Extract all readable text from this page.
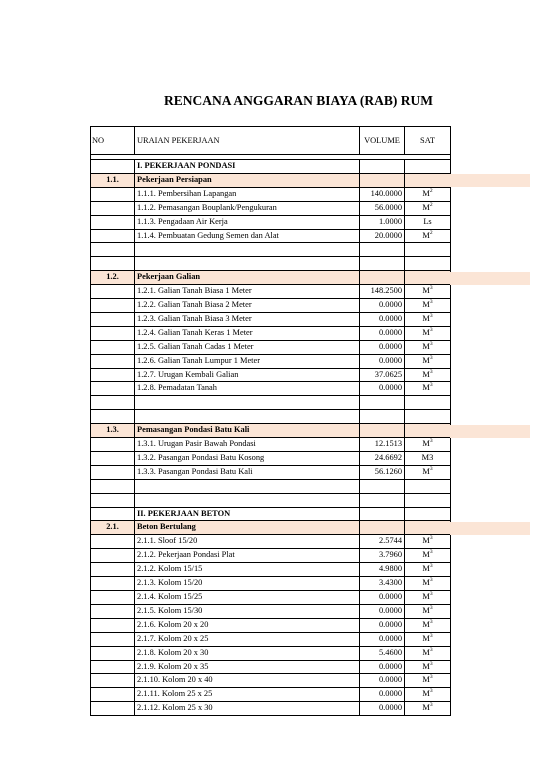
RENCANA ANGGARAN BIAYA (RAB) RUM
NO	URAIAN PEKERJAAN	VOLUME	SAT

	I. PEKERJAAN PONDASI		
1.1.	Pekerjaan Persiapan		
	1.1.1. Pembersihan Lapangan	140.0000	$M^2$
	1.1.2. Pemasangan Bouplank/Pengukuran	56.0000	$M^2$
	1.1.3. Pengadaan Air Kerja	1.0000	Ls
	1.1.4. Pembuatan Gedung Semen dan Alat	20.0000	$M^2$

1.2.	Pekerjaan Galian		
	1.2.1. Galian Tanah Biasa 1 Meter	148.2500	$M^3$
	1.2.2. Galian Tanah Biasa 2 Meter	0.0000	$M^3$
	1.2.3. Galian Tanah Biasa 3 Meter	0.0000	$M^3$
	1.2.4. Galian Tanah Keras 1 Meter	0.0000	$M^3$
	1.2.5. Galian Tanah Cadas 1 Meter	0.0000	$M^3$
	1.2.6. Galian Tanah Lumpur 1 Meter	0.0000	$M^3$
	1.2.7. Urugan Kembali Galian	37.0625	$M^3$
	1.2.8. Pemadatan Tanah	0.0000	$M^3$

1.3.	Pemasangan Pondasi Batu Kali		
	1.3.1. Urugan Pasir Bawah Pondasi	12.1513	$M^3$
	1.3.2. Pasangan Pondasi Batu Kosong	24.6692	M3
	1.3.3. Pasangan Pondasi Batu Kali	56.1260	$M^3$

	II. PEKERJAAN BETON		
2.1.	Beton Bertulang		
	2.1.1. Sloof 15/20	2.5744	$M^3$
	2.1.2. Pekerjaan Pondasi Plat	3.7960	$M^3$
	2.1.2. Kolom 15/15	4.9800	$M^3$
	2.1.3. Kolom 15/20	3.4300	$M^3$
	2.1.4. Kolom 15/25	0.0000	$M^3$
	2.1.5. Kolom 15/30	0.0000	$M^3$
	2.1.6. Kolom 20 x 20	0.0000	$M^3$
	2.1.7. Kolom 20 x 25	0.0000	$M^3$
	2.1.8. Kolom 20 x 30	5.4600	$M^3$
	2.1.9. Kolom 20 x 35	0.0000	$M^3$
	2.1.10. Kolom 20 x 40	0.0000	$M^3$
	2.1.11. Kolom 25 x 25	0.0000	$M^3$
	2.1.12. Kolom 25 x 30	0.0000	$M^3$
